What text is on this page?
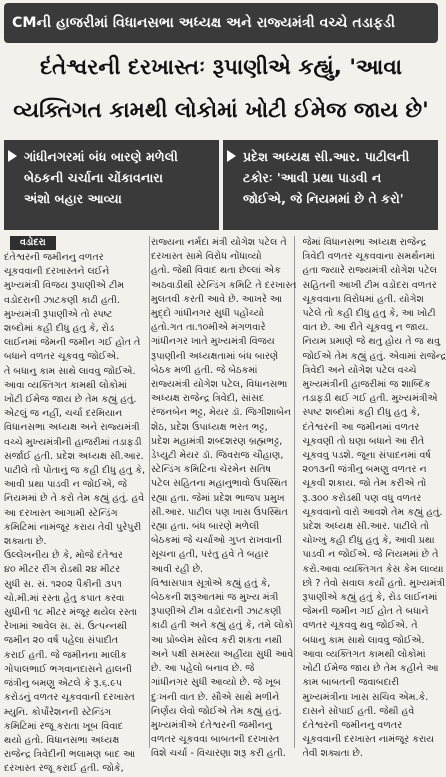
CMની હાજરીમાં વિધાનસભા અધ્યક્ષ અને રાજ્યમંત્રી વચ્ચે તડાફડી
દંતેશ્વરની દરખાસ્તઃ રૂપાણીએ કહ્યું, 'આવા
વ્યક્તિગત કામથી લોકોમાં ખોટી ઈમેજ જાય છે'
ગાંધીનગરમાં બંધ બારણે મળેલી
બેઠકની ચર્ચાના ચોંકાવનારા
અંશો બહાર આવ્યા
પ્રદેશ અધ્યક્ષ સી.આર. પાટીલની
ટકોરઃ 'આવી પ્રથા પાડવી ન
જોઈએ, જે નિયમમાં છે તે કરો'
વડોદરા
દંતેશ્વરની જમીનનુ વળતર
ચૂકવવાની દરખાસ્તને લઈને
મુખ્યમંત્રી વિજય રૂપાણીએ ટીમ
વડોદરાની ઝાટકણી કાઢી હતી.
મુખ્યમંત્રી રૂપાણીએ તો સ્પષ્ટ
શબ્દોમાં કહી દીધુ હતુ કે, રોડ
લાઈનમાં જેમની જમીન ગઈ હોત તે
બધાને વળતર ચૂકવવુ જોઈએ.
તે બધાનુ કામ સાથે લાવવુ જોઈએ.
આવા વ્યક્તિગત કામથી લોકોમાં
ખોટી ઈમેજ જાય છે તેમ કહ્યું હતું.
એટલું જ નહીં, ચર્ચા દરમિયાન
વિધાનસભા અધ્યક્ષ અને રાજ્યમંત્રી
વચ્ચે મુખ્યમંત્રીની હાજરીમાં તડાફડી
સર્જાઈ હતી. પ્રદેશ અધ્યક્ષ સી.આર.
પાટીલે તો પોતાનું જ કહી દીધુ હતુ કે,
આવી પ્રથા પાડવી ન જોઈએ, જે
નિયમમાં છે તે કરો તેમ કહ્યું હતું. હવે
આ દરખાસ્ત આગામી સ્ટેન્ડિંગ
કમિટિમાં નામંજૂર કરાય તેવી પુરેપુરી
શક્યતા છે.
ઉલ્લેખનીય છે કે, મોજે દંતેશ્વર
૪૦ મીટર રીંગ રોડથી ૨૪ મીટર
સુધી સ. સં. ૧૨૦૨ પૈકીની ૩૫૧
ચો.મી.માં રસ્તા હેતુ કપાત કરવા
સુધીની ૧૮ મીટર મંજૂર થયેલ રસ્તા
રેખામાં આવેલ સ. સં. ઉત્પન્નથી
જમીન ૨૦ વર્ષ પહેલા સંપાદીત
કરાઈ હતી. જે જમીનના માલીક
ગોપાલભાઈ ભગવાનદાસને હાલની
જંત્રીનુ બમણુ એટલે કે રૂ.૬.૯૫
કરોડનું વળતર ચૂકવવાની દરખાસ્ત
મ્યુનિ. કોર્પોરેશનની સ્ટેન્ડિંગ
કમિટિમાં રજૂ કરાતા ખૂબ વિવાદ
થયો હતો. વિધાનસભા અધ્યક્ષ
રાજેન્દ્ર ત્રિવેદીની ભલામણ બાદ આ
દરખાસ્ત રજૂ કરાઈ હતી. જોકે,
રાજ્યના નર્મદા મંત્રી યોગેશ પટેલ તે
દરખાસ્ત સામે વિરોધ નોંધાવ્યો
હતો. જેથી વિવાદ થતા છેલ્લાં એક
અઠવાડીથી સ્ટેન્ડિંગ કમિટિ તે દરખાસ્ત
મુલતવી કરતી આવે છે. આખરે આ
મુદ્દો ગાંધીનગર સુધી પહોંચ્યો
હતો.ગત તા.૧૦મીએ મંગળવારે
ગાંધીનગર ખાતે મુખ્યમંત્રી વિજય
રૂપાણીની અધ્યક્ષતામાં બંધ બારણે
બેઠક મળી હતી. જે બેઠકમાં
રાજ્યમંત્રી યોગેશ પટેલ, વિધાનસભા
અધ્યક્ષ રાજેન્દ્ર ત્રિવેદી, સાંસદ
રંજનબેન ભટ્ટ, મેયર ડૉ. જિગીશાબેન
શેઠ, પ્રદેશ ઉપાધ્યક્ષ ભરત ભટ્ટ,
પ્રદેશ મહામંત્રી શબ્દશરણ બ્રહ્મભટ્ટ,
ડેપ્યુટી મેયર ડૉ. જિવરાજ ચૌહાણ,
સ્ટેન્ડિંગ કમિટિના ચેરમેન સતિષ
પટેલ સહિતના મહાનુભાવો ઉપસ્થિત
રહ્યા હતા. જેમાં પ્રદેશ ભાજપ પ્રમુખ
સી.આર. પાટીલ પણ ખાસ ઉપસ્થિત
રહ્યા હતા. બંધ બારણે મળેલી
બેઠકમાં જે ચર્ચાઓ ગુપ્ત રાખવાની
સૂચના હતી, પરંતુ હવે તે બહાર
આવી રહી છે.
વિશ્વાસપાત્ર સૂત્રોએ કહ્યું હતું કે,
બેઠકની શરૂઆતમાં જ મુખ્ય મંત્રી
રૂપાણીએ ટીમ વડોદરાની ઝાટકણી
કાઢી હતી અને કહ્યું હતું કે, તમે લોકો
આ પ્રોબ્લેમ સોલ્વ કરી શકતા નથી
અને પક્ષી સમસ્યા અહીંયા સુધી આવે
છે. આ પહેલો બનાવ છે. જે
ગાંધીનગર સુધી આવ્યો છે. જે ખૂબ
દુઃખની વાત છે. સૌએ સાથે મળીને
નિર્ણય લેવો જોઈએ તેમ કહ્યું હતું.
મુખ્યમંત્રીએ દંતેશ્વરની જમીનનુ
વળતર ચૂકવવા બાબતની દરખાસ્ત
વિશે ચર્ચા - વિચારણા શરૂ કરી હતી.
જેમાં વિધાનસભા અધ્યક્ષ રાજેન્દ્ર
ત્રિવેદી વળતર ચૂકવવાના સમર્થનમાં
હતા જ્યારે રાજ્યમંત્રી યોગેશ પટેલ
સહિતની આખી ટીમ વડોદરા વળતર
ચૂકવવાના વિરોધમાં હતી. યોગેશ
પટેલે તો કહી દીધુ હતુ કે, આ ખોટી
વાત છે. આ રીતે ચૂકવવુ ન જાય.
નિયમ પ્રમાણે જે થતુ હોય તે જ થવુ
જોઈએ તેમ કહ્યું હતું. એવામાં રાજેન્દ્ર
ત્રિવેદી અને યોગેશ પટેલ વચ્ચે
મુખ્યમંત્રીની હાજરીમાં જ શાબ્દિક
તડાફડી થઈ ગઈ હતી. મુખ્યમંત્રીએ
સ્પષ્ટ શબ્દોમાં કહી દીધુ હતુ કે,
દંતેશ્વરની આ જમીનમાં વળતર
ચૂકવણી તો ઘણા બધાને આ રીતે
ચૂકવવુ પડશે. જૂના સંપાદનમાં વર્ષ
૨૦૧૩ની જંત્રીનુ બમણુ વળતર ન
ચૂકવી શકાય. જો તેમ કરીએ તો
રૂ.૩૦૦ કરોડથી પણ વધુ વળતર
ચૂકવવાનો વારો આવશે તેમ કહ્યું હતું.
પ્રદેશ અધ્યક્ષ સી.આર. પાટીલે તો
ચોખ્ખુ કહી દીધુ હતુ કે, આવી પ્રથા
પાડવી ન જોઈએ. જે નિયમમાં છે તે
કરો.આવા વ્યક્તિગત કેસ કેમ લાવ્યા
છો ? તેવો સવાલ કર્યો હતો. મુખ્યમંત્રી
રૂપાણીએ કહ્યું હતું કે, રોડ લાઈનમાં
જેમની જમીન ગઈ હોત તે બધાને
વળતર ચૂકવવુ થવુ જોઈએ. તે
બધાનુ કામ સાથે લાવવુ જોઈએ.
આવા વ્યક્તિગત કામથી લોકોમાં
ખોટી ઈમેજ જાય છે તેમ કહીને આ
કામ બાબતની જવાબદારી
મુખ્યમંત્રીના ખાસ સચિવ એમ.કે.
દાસને સોંપાઈ હતી. જેથી હવે
દંતેશ્વરની જમીનનુ વળતર
ચૂકવવાની દરખાસ્ત નામંજૂર કરાય
તેવી શક્યતા છે.
